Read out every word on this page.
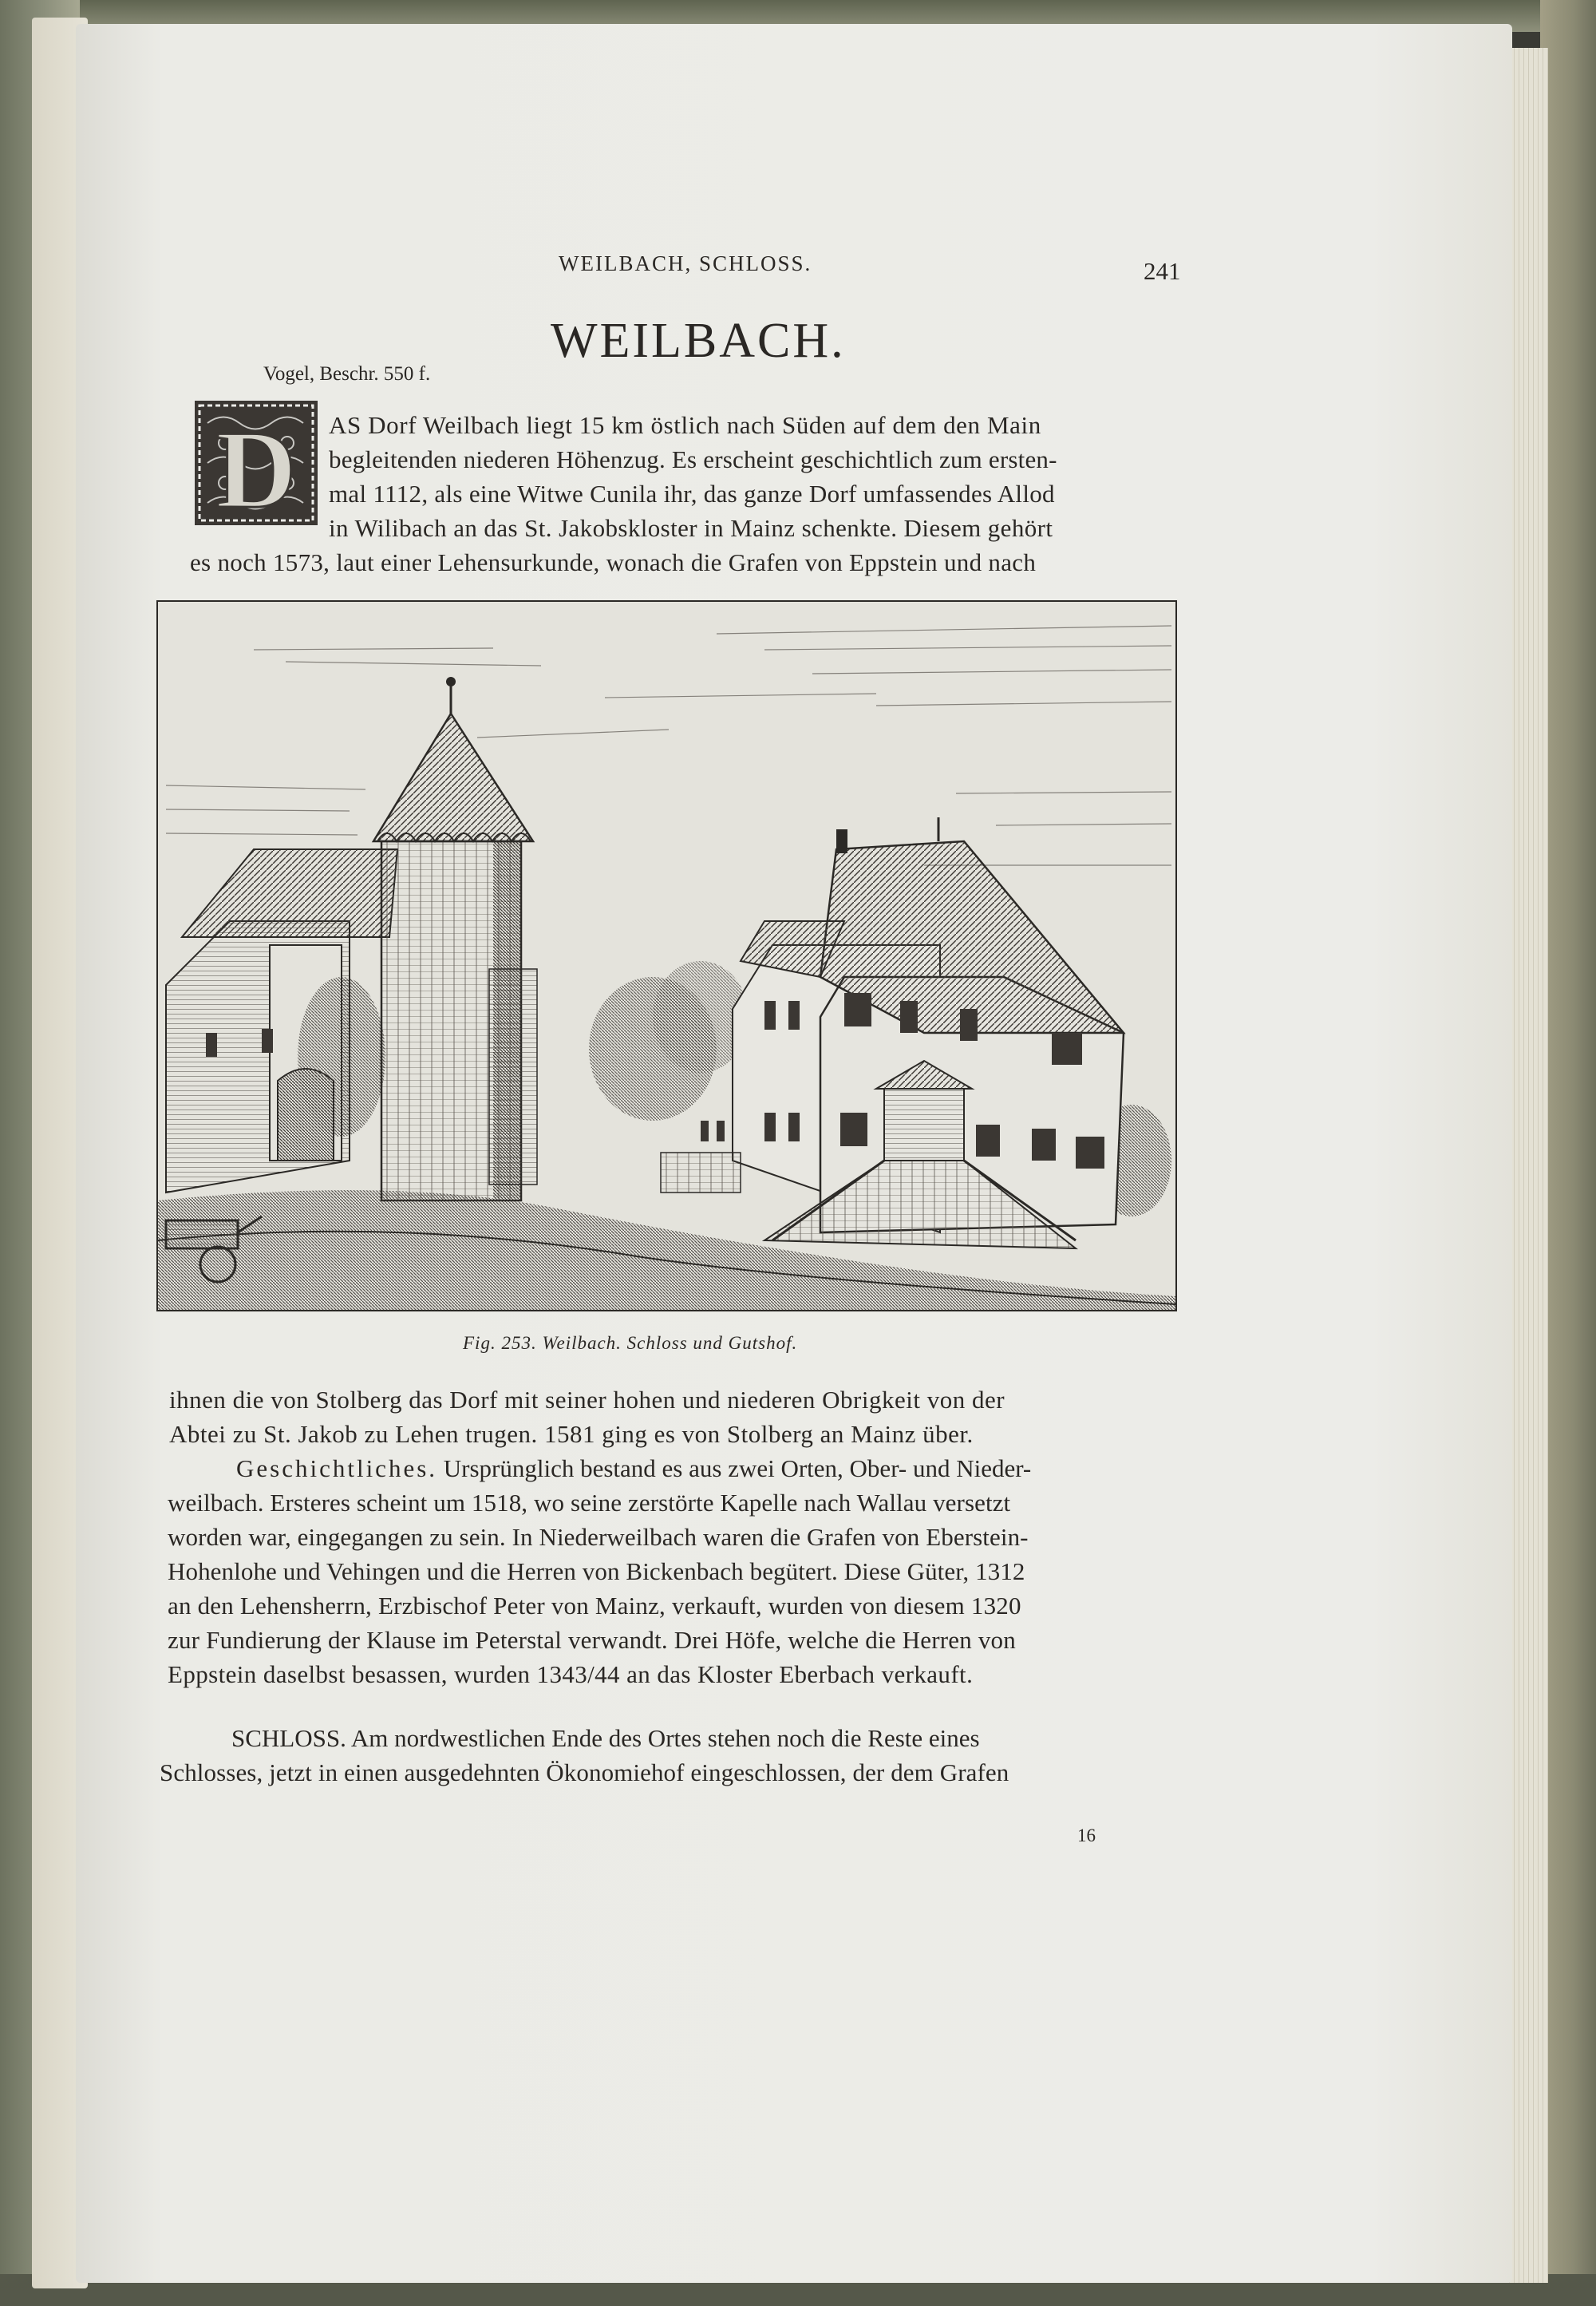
WEILBACH, SCHLOSS.	241
WEILBACH.
Vogel, Beschr. 550 f.
D AS Dorf Weilbach liegt 15 km östlich nach Süden auf dem den Main
begleitenden niederen Höhenzug. Es erscheint geschichtlich zum ersten-
mal 1112, als eine Witwe Cunila ihr, das ganze Dorf umfassendes Allod
in Wilibach an das St. Jakobskloster in Mainz schenkte. Diesem gehört
es noch 1573, laut einer Lehensurkunde, wonach die Grafen von Eppstein und nach
Fig. 253. Weilbach. Schloss und Gutshof.
ihnen die von Stolberg das Dorf mit seiner hohen und niederen Obrigkeit von der
Abtei zu St. Jakob zu Lehen trugen. 1581 ging es von Stolberg an Mainz über.
Geschichtliches. Ursprünglich bestand es aus zwei Orten, Ober- und Nieder-
weilbach. Ersteres scheint um 1518, wo seine zerstörte Kapelle nach Wallau versetzt
worden war, eingegangen zu sein. In Niederweilbach waren die Grafen von Eberstein-
Hohenlohe und Vehingen und die Herren von Bickenbach begütert. Diese Güter, 1312
an den Lehensherrn, Erzbischof Peter von Mainz, verkauft, wurden von diesem 1320
zur Fundierung der Klause im Peterstal verwandt. Drei Höfe, welche die Herren von
Eppstein daselbst besassen, wurden 1343/44 an das Kloster Eberbach verkauft.
SCHLOSS. Am nordwestlichen Ende des Ortes stehen noch die Reste eines
Schlosses, jetzt in einen ausgedehnten Ökonomiehof eingeschlossen, der dem Grafen
16
